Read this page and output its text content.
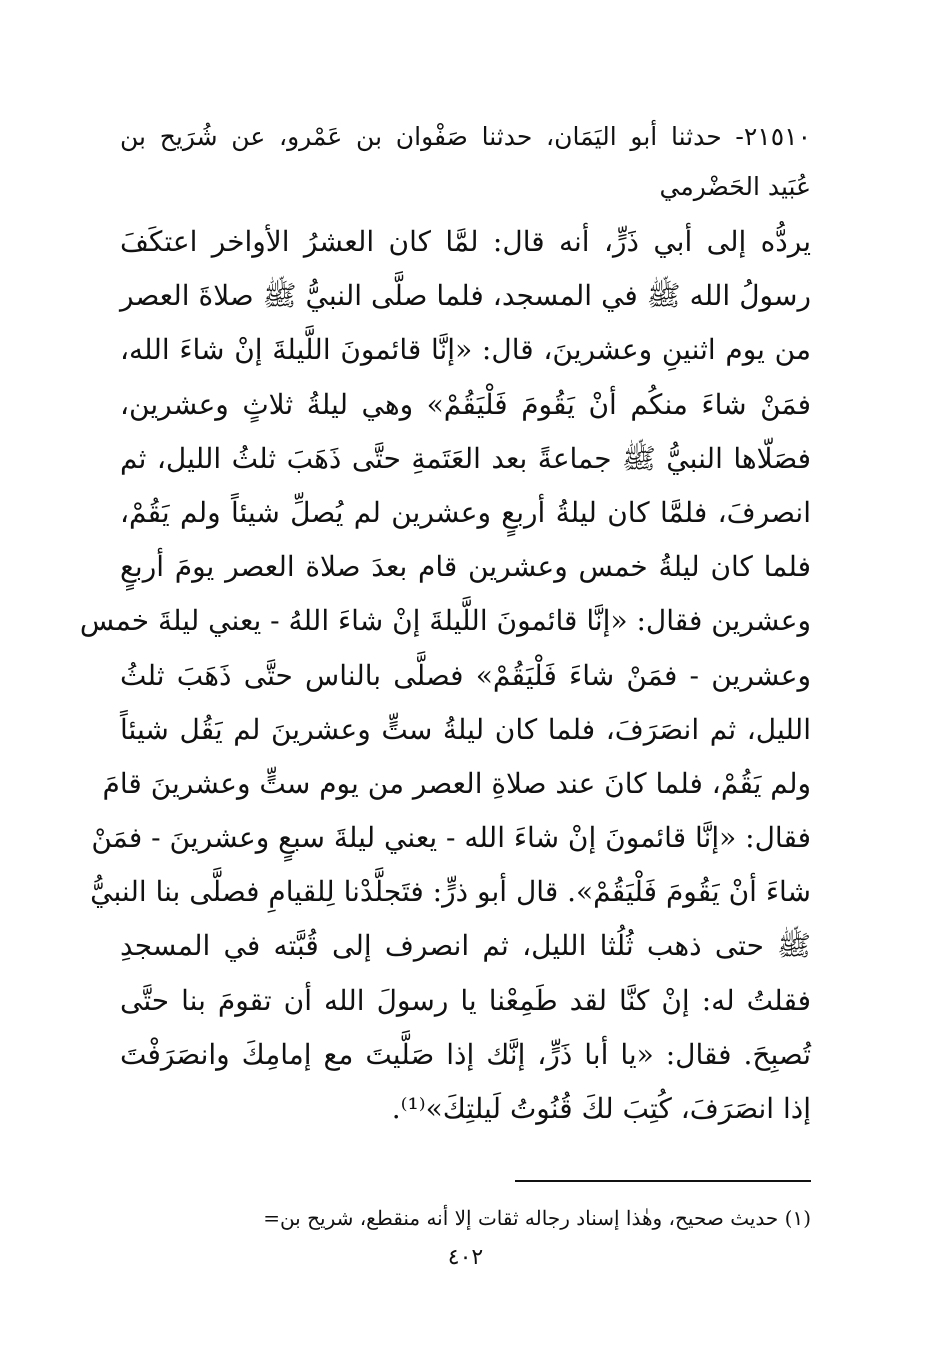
٢١٥١٠- حدثنا أبو اليَمَان، حدثنا صَفْوان بن عَمْرو، عن شُرَيح بن
عُبَيد الحَضْرمي
يردُّه إلى أبي ذَرٍّ، أنه قال: لمَّا كان العشرُ الأواخر اعتكَفَ
رسولُ الله ﷺ في المسجد، فلما صلَّى النبيُّ ﷺ صلاةَ العصر
من يوم اثنينِ وعشرينَ، قال: «إنَّا قائمونَ اللَّيلةَ إنْ شاءَ الله،
فمَنْ شاءَ منكُم أنْ يَقُومَ فَلْيَقُمْ» وهي ليلةُ ثلاثٍ وعشرين،
فصَلّاها النبيُّ ﷺ جماعةً بعد العَتَمةِ حتَّى ذَهَبَ ثلثُ الليل، ثم
انصرفَ، فلمَّا كان ليلةُ أربعٍ وعشرين لم يُصلِّ شيئاً ولم يَقُمْ،
فلما كان ليلةُ خمس وعشرين قام بعدَ صلاة العصر يومَ أربعٍ
وعشرين فقال: «إنَّا قائمونَ اللَّيلةَ إنْ شاءَ اللهُ - يعني ليلةَ خمس
وعشرين - فمَنْ شاءَ فَلْيَقُمْ» فصلَّى بالناس حتَّى ذَهَبَ ثلثُ
الليل، ثم انصَرَفَ، فلما كان ليلةُ ستٍّ وعشرينَ لم يَقُل شيئاً
ولم يَقُمْ، فلما كانَ عند صلاةِ العصر من يوم ستٍّ وعشرينَ قامَ
فقال: «إنَّا قائمونَ إنْ شاءَ الله - يعني ليلةَ سبعٍ وعشرينَ - فمَنْ
شاءَ أنْ يَقُومَ فَلْيَقُمْ». قال أبو ذرٍّ: فتَجلَّدْنا لِلقيامِ فصلَّى بنا النبيُّ
ﷺ حتى ذهب ثُلُثا الليل، ثم انصرف إلى قُبَّته في المسجدِ
فقلتُ له: إنْ كنَّا لقد طَمِعْنا يا رسولَ الله أن تقومَ بنا حتَّى
تُصبِحَ. فقال: «يا أبا ذَرٍّ، إنَّك إذا صَلَّيتَ مع إمامِكَ وانصَرَفْتَ
إذا انصَرَفَ، كُتِبَ لكَ قُنُوتُ لَيلتِكَ»⁽¹⁾.
(١) حديث صحيح، وهٰذا إسناد رجاله ثقات إلا أنه منقطع، شريح بن=
٤٠٢
